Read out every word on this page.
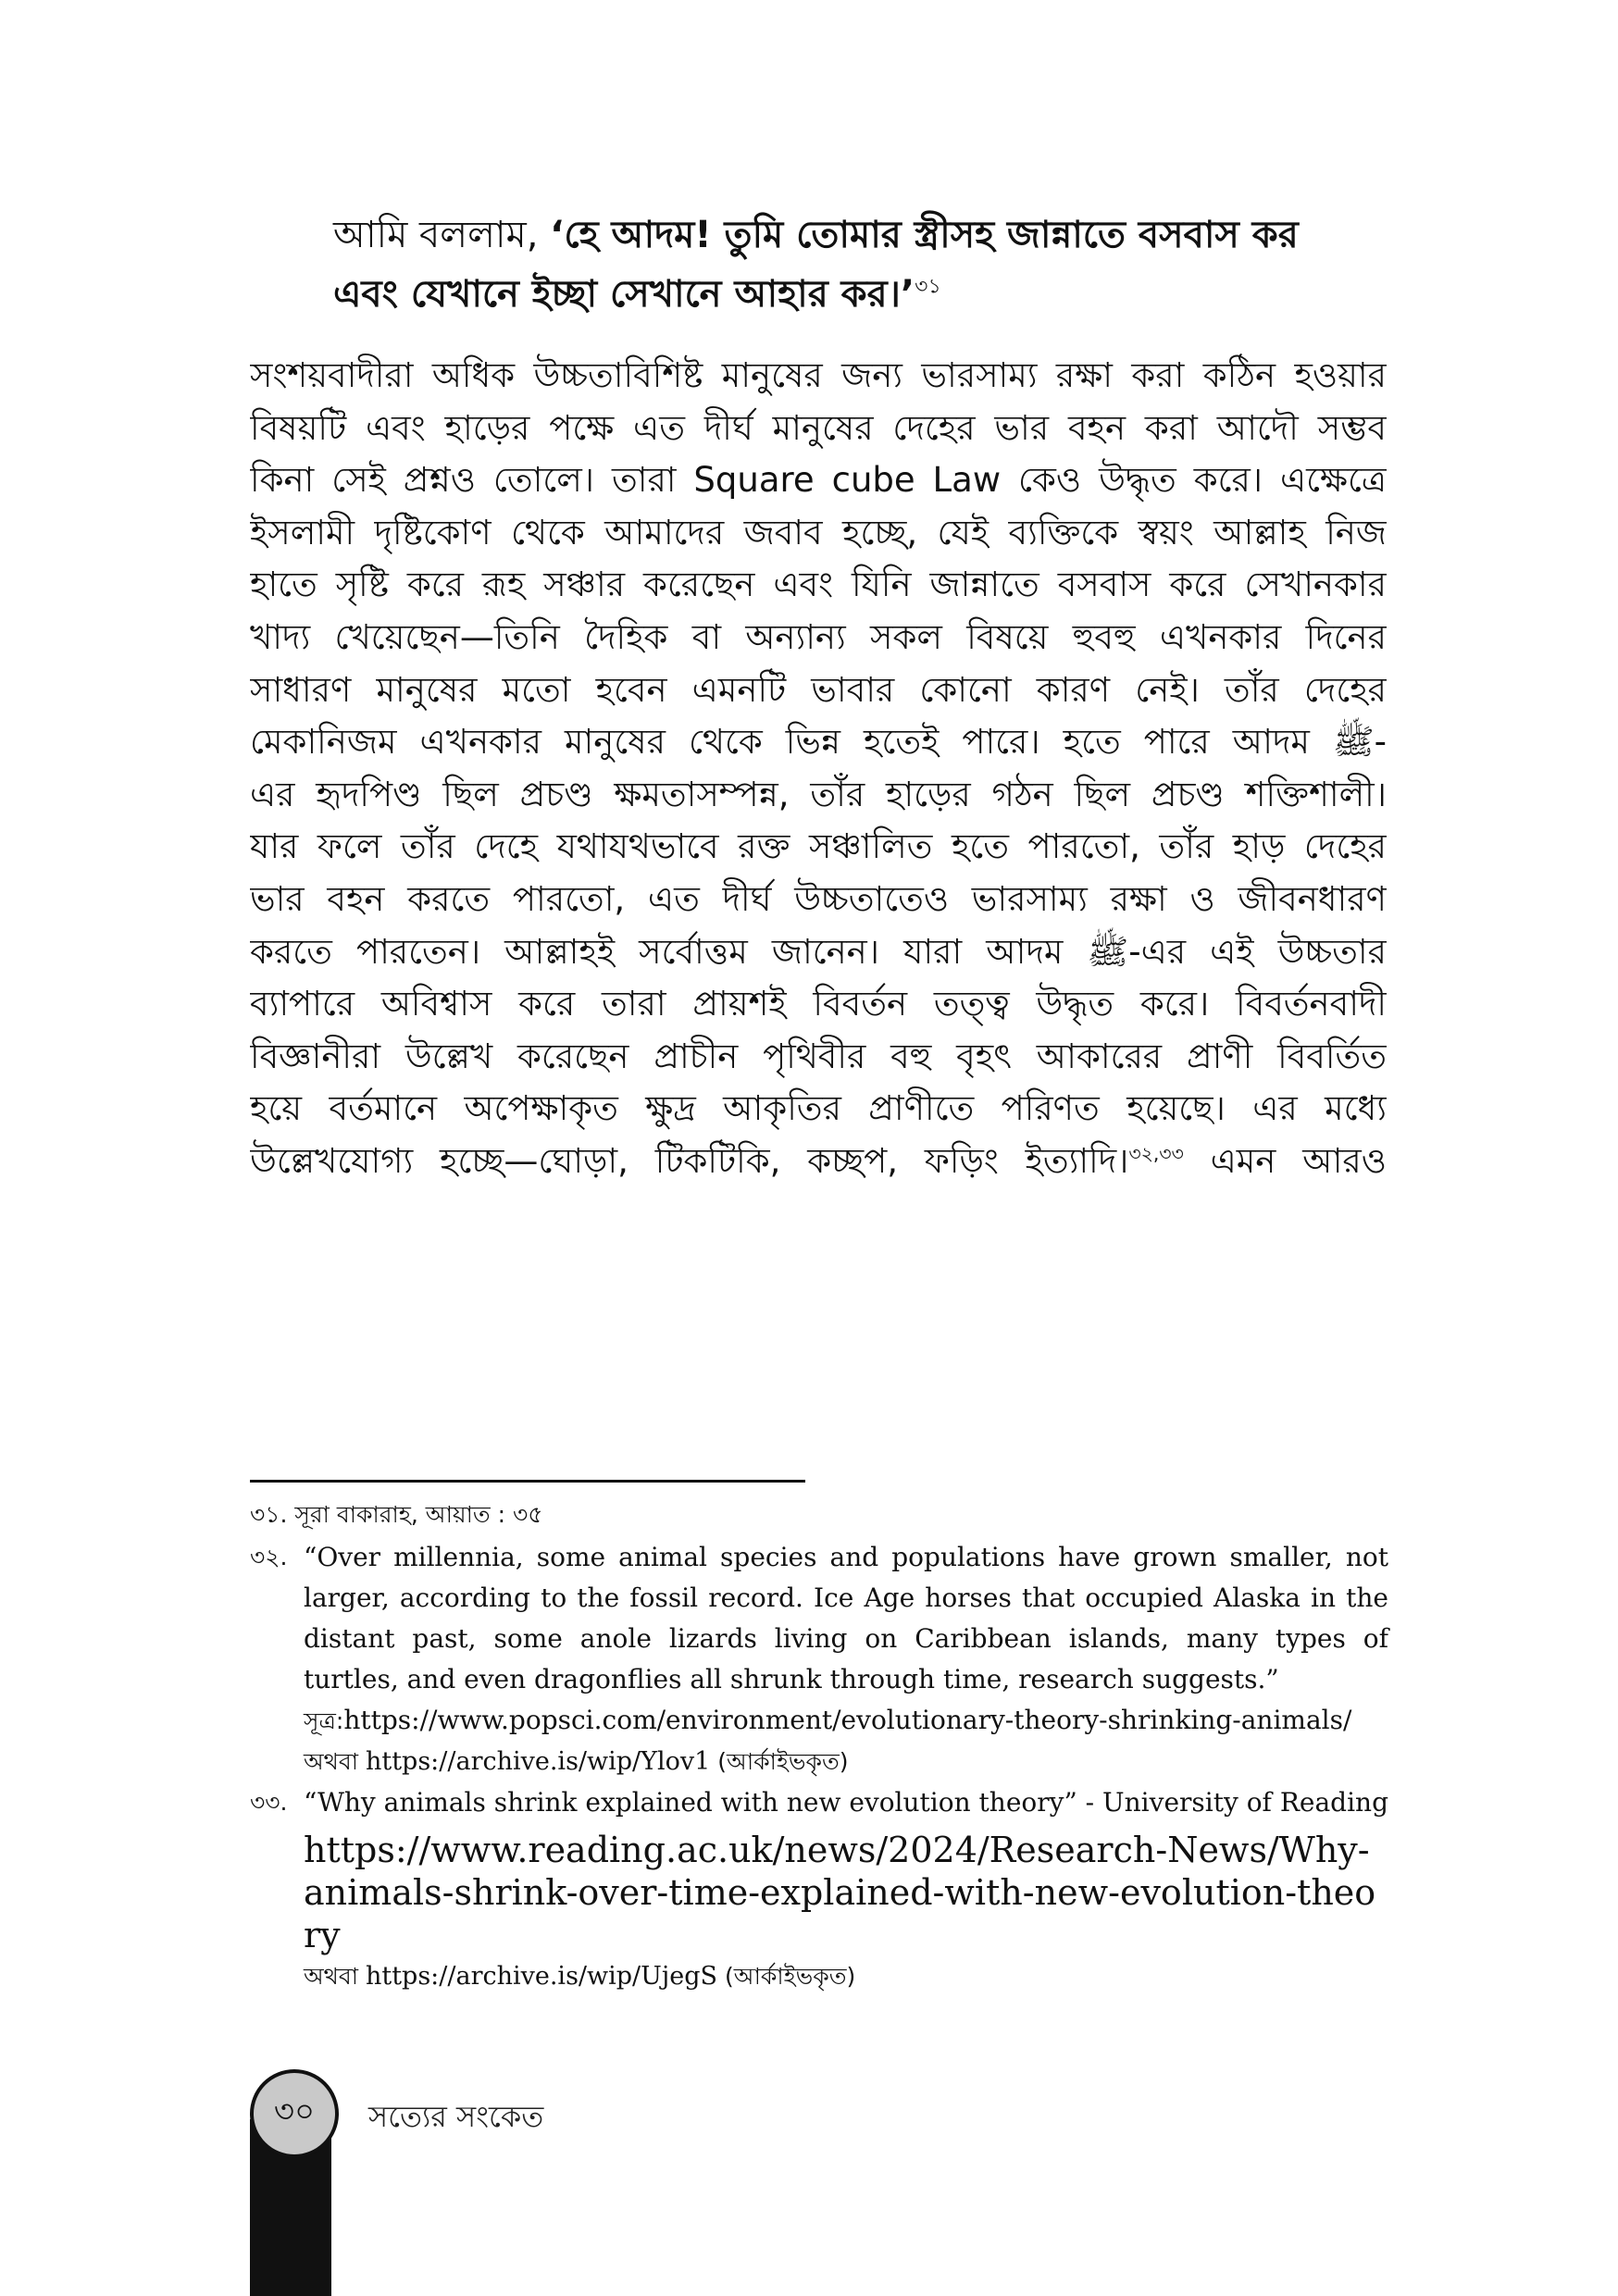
আমি বললাম, ‘হে আদম! তুমি তোমার স্ত্রীসহ জান্নাতে বসবাস কর
এবং যেখানে ইচ্ছা সেখানে আহার কর।’$^{৩১}$
সংশয়বাদীরা অধিক উচ্চতাবিশিষ্ট মানুষের জন্য ভারসাম্য রক্ষা করা কঠিন হওয়ার
বিষয়টি এবং হাড়ের পক্ষে এত দীর্ঘ মানুষের দেহের ভার বহন করা আদৌ সম্ভব
কিনা সেই প্রশ্নও তোলে। তারা Square cube Law কেও উদ্ধৃত করে। এক্ষেত্রে
ইসলামী দৃষ্টিকোণ থেকে আমাদের জবাব হচ্ছে, যেই ব্যক্তিকে স্বয়ং আল্লাহ নিজ
হাতে সৃষ্টি করে রূহ সঞ্চার করেছেন এবং যিনি জান্নাতে বসবাস করে সেখানকার
খাদ্য খেয়েছেন—তিনি দৈহিক বা অন্যান্য সকল বিষয়ে হুবহু এখনকার দিনের
সাধারণ মানুষের মতো হবেন এমনটি ভাবার কোনো কারণ নেই। তাঁর দেহের
মেকানিজম এখনকার মানুষের থেকে ভিন্ন হতেই পারে। হতে পারে আদম ﷺ-
এর হৃদপিণ্ড ছিল প্রচণ্ড ক্ষমতাসম্পন্ন, তাঁর হাড়ের গঠন ছিল প্রচণ্ড শক্তিশালী।
যার ফলে তাঁর দেহে যথাযথভাবে রক্ত সঞ্চালিত হতে পারতো, তাঁর হাড় দেহের
ভার বহন করতে পারতো, এত দীর্ঘ উচ্চতাতেও ভারসাম্য রক্ষা ও জীবনধারণ
করতে পারতেন। আল্লাহই সর্বোত্তম জানেন। যারা আদম ﷺ-এর এই উচ্চতার
ব্যাপারে অবিশ্বাস করে তারা প্রায়শই বিবর্তন তত্ত্ব উদ্ধৃত করে। বিবর্তনবাদী
বিজ্ঞানীরা উল্লেখ করেছেন প্রাচীন পৃথিবীর বহু বৃহৎ আকারের প্রাণী বিবর্তিত
হয়ে বর্তমানে অপেক্ষাকৃত ক্ষুদ্র আকৃতির প্রাণীতে পরিণত হয়েছে। এর মধ্যে
উল্লেখযোগ্য হচ্ছে—ঘোড়া, টিকটিকি, কচ্ছপ, ফড়িং ইত্যাদি।$^{৩২,৩৩}$ এমন আরও
৩১. সূরা বাকারাহ, আয়াত : ৩৫
৩২. “Over millennia, some animal species and populations have grown smaller, not larger, according to the fossil record. Ice Age horses that occupied Alaska in the distant past, some anole lizards living on Caribbean islands, many types of turtles, and even dragonflies all shrunk through time, research suggests.”
সূত্র:https://www.popsci.com/environment/evolutionary-theory-shrinking-animals/
অথবা https://archive.is/wip/Ylov1 (আর্কাইভকৃত)
৩৩. “Why animals shrink explained with new evolution theory” - University of Reading
https://www.reading.ac.uk/news/2024/Research-News/Why-animals-shrink-over-time-explained-with-new-evolution-theory
অথবা https://archive.is/wip/UjegS (আর্কাইভকৃত)
৩০ সত্যের সংকেত
